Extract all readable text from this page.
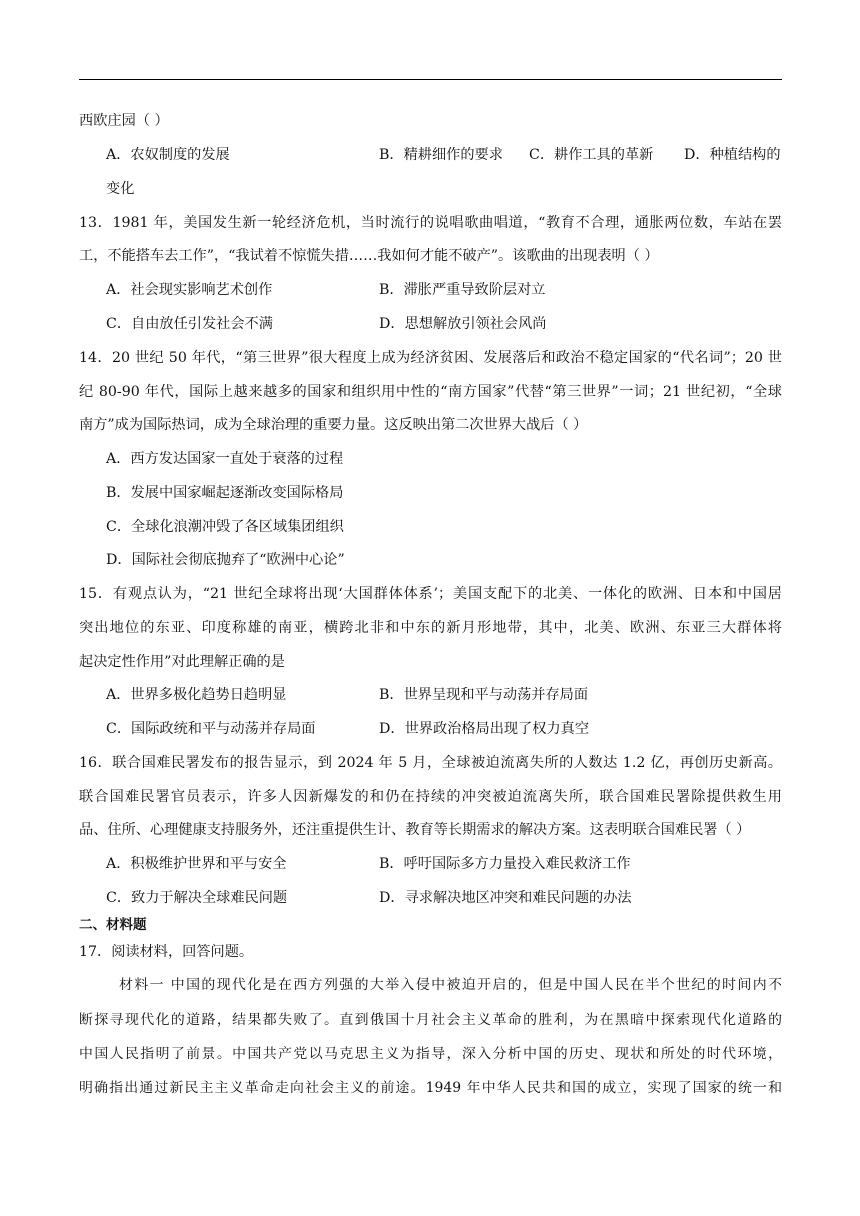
西欧庄园（ ）
A．农奴制度的发展	B．精耕细作的要求 C．耕作工具的革新 D．种植结构的
变化
13．1981 年，美国发生新一轮经济危机，当时流行的说唱歌曲唱道，“教育不合理，通胀两位数，车站在罢
工，不能搭车去工作”，“我试着不惊慌失措……我如何才能不破产”。该歌曲的出现表明（ ）
A．社会现实影响艺术创作	B．滞胀严重导致阶层对立
C．自由放任引发社会不满	D．思想解放引领社会风尚
14．20 世纪 50 年代，“第三世界”很大程度上成为经济贫困、发展落后和政治不稳定国家的“代名词”；20 世
纪 80-90 年代，国际上越来越多的国家和组织用中性的“南方国家”代替“第三世界”一词；21 世纪初，“全球
南方”成为国际热词，成为全球治理的重要力量。这反映出第二次世界大战后（ ）
A．西方发达国家一直处于衰落的过程
B．发展中国家崛起逐渐改变国际格局
C．全球化浪潮冲毁了各区域集团组织
D．国际社会彻底抛弃了“欧洲中心论”
15．有观点认为，“21 世纪全球将出现‘大国群体体系’；美国支配下的北美、一体化的欧洲、日本和中国居
突出地位的东亚、印度称雄的南亚，横跨北非和中东的新月形地带，其中，北美、欧洲、东亚三大群体将
起决定性作用”对此理解正确的是
A．世界多极化趋势日趋明显	B．世界呈现和平与动荡并存局面
C．国际政统和平与动荡并存局面	D．世界政治格局出现了权力真空
16．联合国难民署发布的报告显示，到 2024 年 5 月，全球被迫流离失所的人数达 1.2 亿，再创历史新高。
联合国难民署官员表示，许多人因新爆发的和仍在持续的冲突被迫流离失所，联合国难民署除提供救生用
品、住所、心理健康支持服务外，还注重提供生计、教育等长期需求的解决方案。这表明联合国难民署（ ）
A．积极维护世界和平与安全	B．呼吁国际多方力量投入难民救济工作
C．致力于解决全球难民问题	D．寻求解决地区冲突和难民问题的办法
二、材料题
17．阅读材料，回答问题。
材料一 中国的现代化是在西方列强的大举入侵中被迫开启的，但是中国人民在半个世纪的时间内不
断探寻现代化的道路，结果都失败了。直到俄国十月社会主义革命的胜利，为在黑暗中探索现代化道路的
中国人民指明了前景。中国共产党以马克思主义为指导，深入分析中国的历史、现状和所处的时代环境，
明确指出通过新民主主义革命走向社会主义的前途。1949 年中华人民共和国的成立，实现了国家的统一和
